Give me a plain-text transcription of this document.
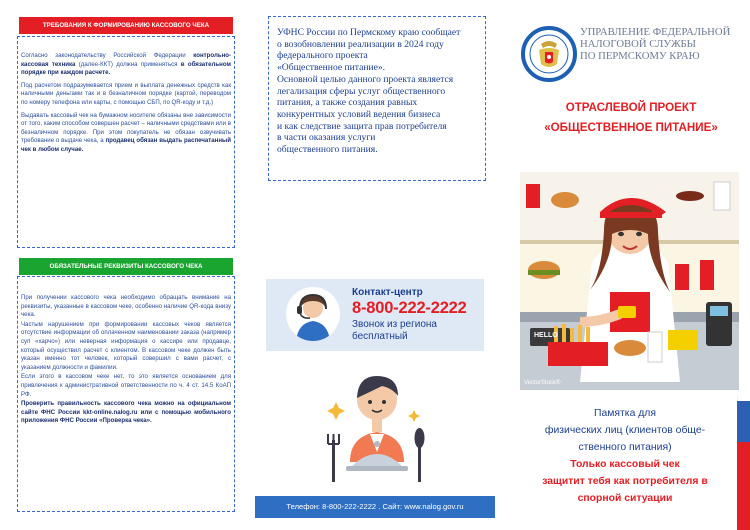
ТРЕБОВАНИЯ К ФОРМИРОВАНИЮ КАССОВОГО ЧЕКА

Согласно законодательству Российской Федерации контрольно-кассовая техника (далее-ККТ) должна применяться в обязательном порядке при каждом расчете.

Под расчетом подразумевается прием и выплата денежных средств как наличными деньгами так и в безналичном порядке (картой, переводом по номеру телефона или карты, с помощью СБП, по QR-коду и т.д.)

Выдавать кассовый чек на бумажном носителе обязаны вне зависимости от того, каким способом совершен расчет – наличными средствами или в безналичном порядке. При этом покупатель не обязан озвучивать требование о выдаче чека, а продавец обязан выдать распечатанный чек в любом случае.

ОБЯЗАТЕЛЬНЫЕ РЕКВИЗИТЫ КАССОВОГО ЧЕКА

При получении кассового чека необходимо обращать внимание на реквизиты, указанные в кассовом чеке, особенно наличие QR-кода внизу чека.

Частым нарушением при формировании кассовых чеков является отсутствие информации об оплаченном наименовании заказа (например суп «харчо») или неверная информация о кассире или продавце, который осуществил расчет с клиентом. В кассовом чеке должен быть указан именно тот человек, который совершил с вами расчет, с указанием должности и фамилии.

Если этого в кассовом чеке нет, то это является основанием для привлечения к административной ответственности по ч. 4 ст. 14.5 КоАП РФ.

Проверить правильность кассового чека можно на официальном сайте ФНС России kkt-online.nalog.ru или с помощью мобильного приложения ФНС России «Проверка чека».

УФНС России по Пермскому краю сообщает
о возобновлении реализации в 2024 году
федерального проекта
«Общественное питание».
Основной целью данного проекта является
легализация сферы услуг общественного
питания, а также создания равных
конкурентных условий ведения бизнеса
и как следствие защита прав потребителя
в части оказания услуги
общественного питания.
Контакт-центр
8-800-222-2222
Звонок из региона
бесплатный
Телефон: 8-800-222-2222 . Сайт: www.nalog.gov.ru
УПРАВЛЕНИЕ ФЕДЕРАЛЬНОЙ
НАЛОГОВОЙ СЛУЖБЫ
ПО ПЕРМСКОМУ КРАЮ
ОТРАСЛЕВОЙ ПРОЕКТ
«ОБЩЕСТВЕННОЕ ПИТАНИЕ»
HELLO
VectorStock®
Памятка для
физических лиц (клиентов обще-
ственного питания)
Только кассовый чек
защитит тебя как потребителя в
спорной ситуации
